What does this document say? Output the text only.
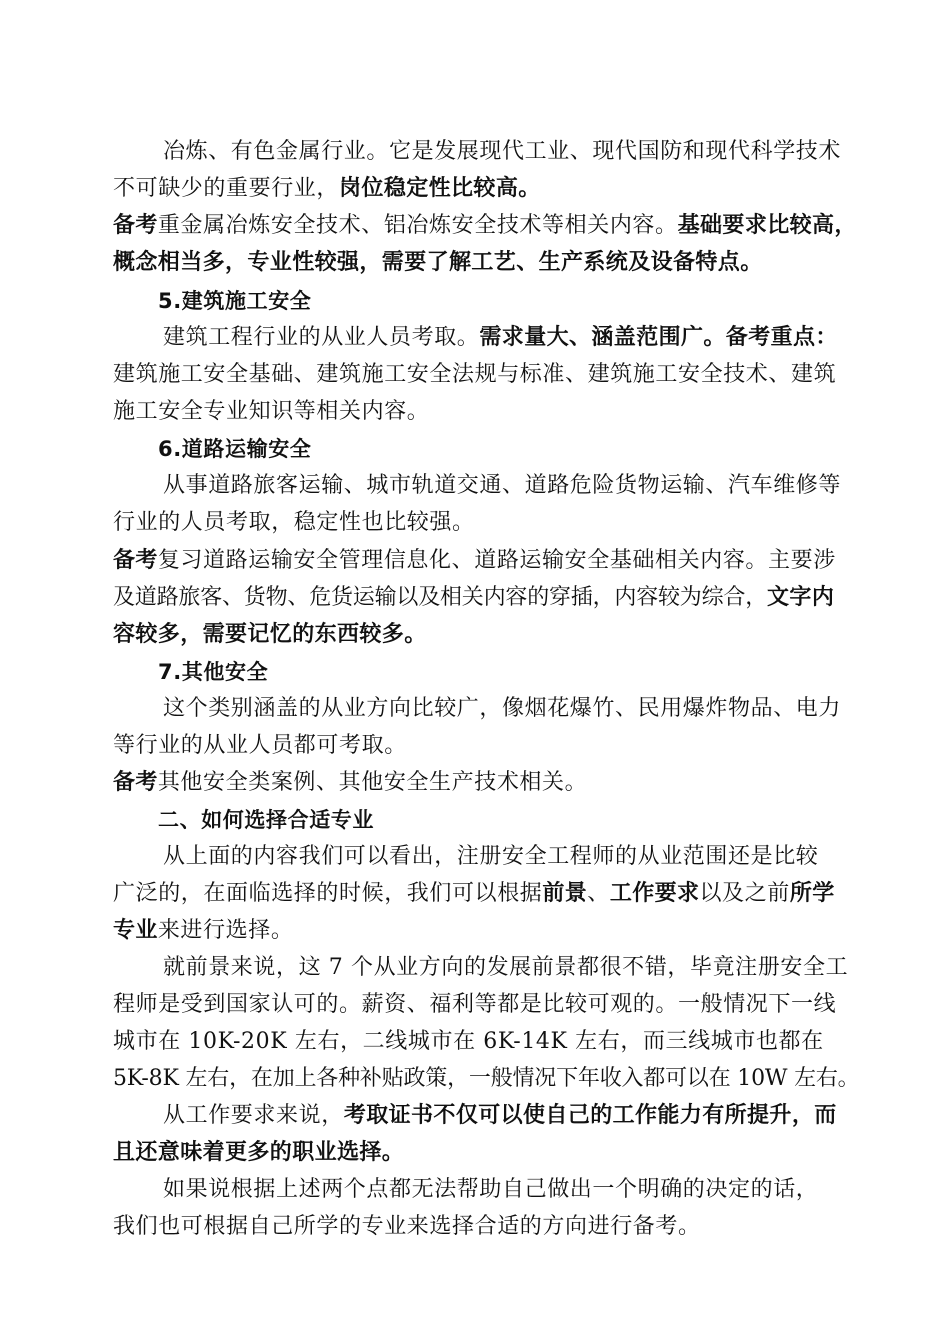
冶炼、有色金属行业。它是发展现代工业、现代国防和现代科学技术
不可缺少的重要行业，岗位稳定性比较高。
备考重金属冶炼安全技术、铝冶炼安全技术等相关内容。基础要求比较高，
概念相当多，专业性较强，需要了解工艺、生产系统及设备特点。
5.建筑施工安全
建筑工程行业的从业人员考取。需求量大、涵盖范围广。备考重点：
建筑施工安全基础、建筑施工安全法规与标准、建筑施工安全技术、建筑
施工安全专业知识等相关内容。
6.道路运输安全
从事道路旅客运输、城市轨道交通、道路危险货物运输、汽车维修等
行业的人员考取，稳定性也比较强。
备考复习道路运输安全管理信息化、道路运输安全基础相关内容。主要涉
及道路旅客、货物、危货运输以及相关内容的穿插，内容较为综合，文字内
容较多，需要记忆的东西较多。
7.其他安全
这个类别涵盖的从业方向比较广，像烟花爆竹、民用爆炸物品、电力
等行业的从业人员都可考取。
备考其他安全类案例、其他安全生产技术相关。
二、如何选择合适专业
从上面的内容我们可以看出，注册安全工程师的从业范围还是比较
广泛的，在面临选择的时候，我们可以根据前景、工作要求以及之前所学
专业来进行选择。
就前景来说，这 7 个从业方向的发展前景都很不错，毕竟注册安全工
程师是受到国家认可的。薪资、福利等都是比较可观的。一般情况下一线
城市在 10K-20K 左右，二线城市在 6K-14K 左右，而三线城市也都在
5K-8K 左右，在加上各种补贴政策，一般情况下年收入都可以在 10W 左右。
从工作要求来说，考取证书不仅可以使自己的工作能力有所提升，而
且还意味着更多的职业选择。
如果说根据上述两个点都无法帮助自己做出一个明确的决定的话，
我们也可根据自己所学的专业来选择合适的方向进行备考。
